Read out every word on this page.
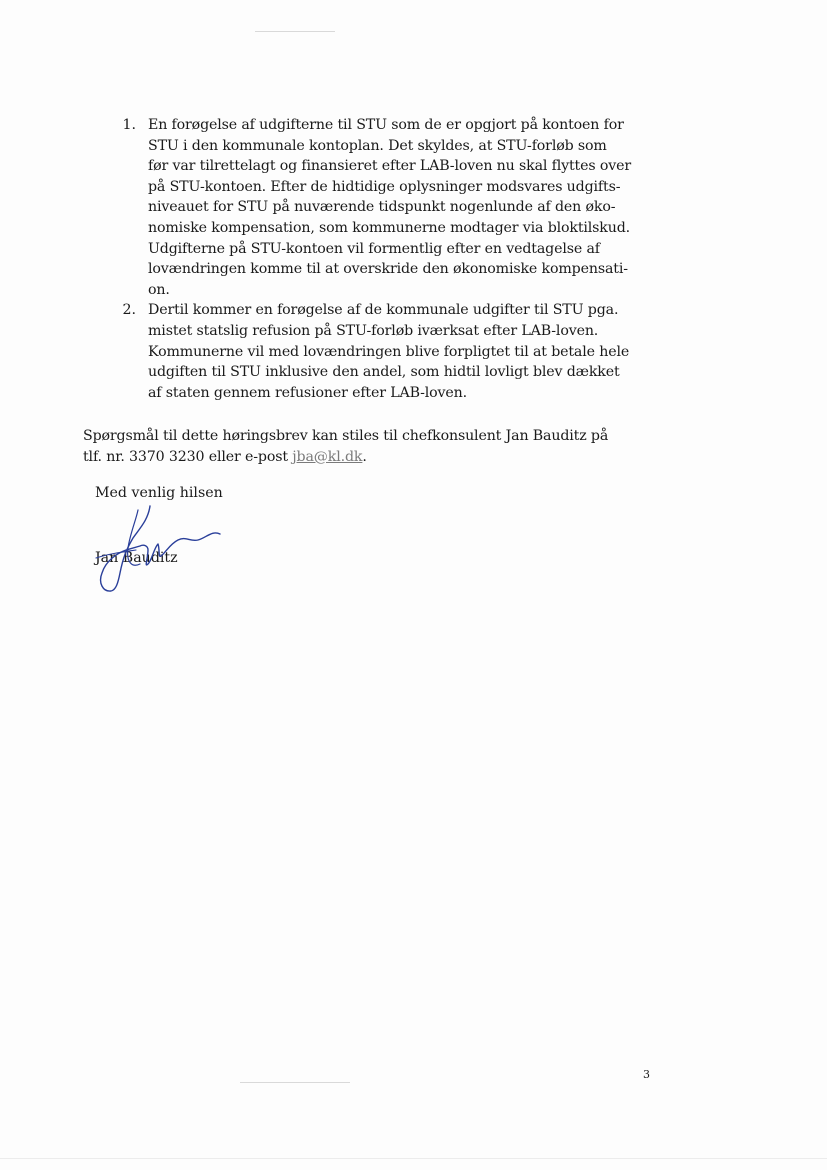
1. En forøgelse af udgifterne til STU som de er opgjort på kontoen for
STU i den kommunale kontoplan. Det skyldes, at STU-forløb som
før var tilrettelagt og finansieret efter LAB-loven nu skal flyttes over
på STU-kontoen. Efter de hidtidige oplysninger modsvares udgifts-
niveauet for STU på nuværende tidspunkt nogenlunde af den øko-
nomiske kompensation, som kommunerne modtager via bloktilskud.
Udgifterne på STU-kontoen vil formentlig efter en vedtagelse af
lovændringen komme til at overskride den økonomiske kompensati-
on.
2. Dertil kommer en forøgelse af de kommunale udgifter til STU pga.
mistet statslig refusion på STU-forløb iværksat efter LAB-loven.
Kommunerne vil med lovændringen blive forpligtet til at betale hele
udgiften til STU inklusive den andel, som hidtil lovligt blev dækket
af staten gennem refusioner efter LAB-loven.
Spørgsmål til dette høringsbrev kan stiles til chefkonsulent Jan Bauditz på
tlf. nr. 3370 3230 eller e-post jba@kl.dk.
Med venlig hilsen
Jan Bauditz
3
